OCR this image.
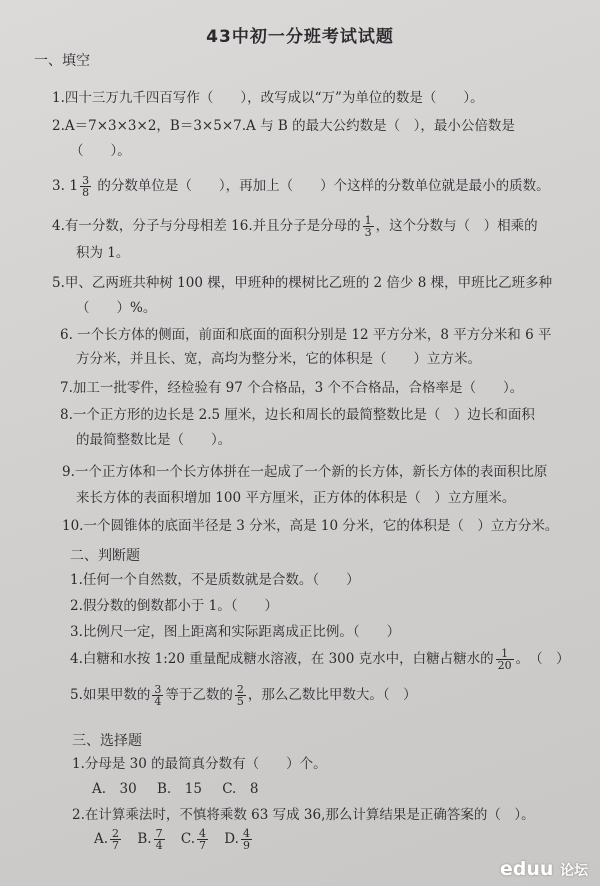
43中初一分班考试试题
一、填空
1.四十三万九千四百写作（　　），改写成以“万”为单位的数是（　　）。
2.A＝7×3×3×2，B＝3×5×7.A 与 B 的最大公约数是（　），最小公倍数是
（　　）。
3. $1 \frac{3}{8}$ 的分数单位是（　　），再加上（　　）个这样的分数单位就是最小的质数。
4.有一分数，分子与分母相差 16.并且分子是分母的 $\frac{1}{3}$ ，这个分数与（　）相乘的
积为 1。
5.甲、乙两班共种树 100 棵，甲班种的棵树比乙班的 2 倍少 8 棵，甲班比乙班多种
（　　）%。
6. 一个长方体的侧面，前面和底面的面积分别是 12 平方分米，8 平方分米和 6 平
方分米，并且长、宽，高均为整分米，它的体积是（　　）立方米。
7.加工一批零件，经检验有 97 个合格品，3 个不合格品，合格率是（　　）。
8.一个正方形的边长是 2.5 厘米，边长和周长的最简整数比是（　）边长和面积
的最简整数比是（　　）。
9.一个正方体和一个长方体拼在一起成了一个新的长方体，新长方体的表面积比原
来长方体的表面积增加 100 平方厘米，正方体的体积是（　）立方厘米。
10.一个圆锥体的底面半径是 3 分米，高是 10 分米，它的体积是（　）立方分米。
二、判断题
1.任何一个自然数，不是质数就是合数。（　　）
2.假分数的倒数都小于 1。（　　）
3.比例尺一定，图上距离和实际距离成正比例。（　　）
4.白糖和水按 1:20 重量配成糖水溶液，在 300 克水中，白糖占糖水的 $\frac{1}{20}$ 。　（　）
5.如果甲数的 $\frac{3}{4}$ 等于乙数的 $\frac{2}{5}$ ，那么乙数比甲数大。（　）
三、选择题
1.分母是 30 的最简真分数有（　　）个。
A.　30 B.　15 C.　8
2.在计算乘法时，不慎将乘数 63 写成 36,那么计算结果是正确答案的（　）。
A. $\frac{2}{7} B$. $\frac{7}{4} C$. $\frac{4}{7} D$. $\frac{4}{9}$
eduu 论坛
